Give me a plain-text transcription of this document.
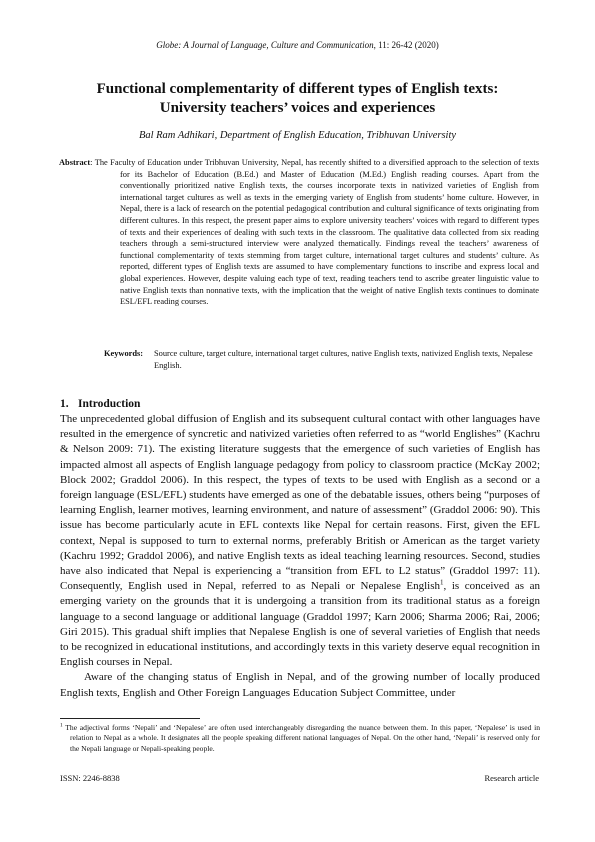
Globe: A Journal of Language, Culture and Communication, 11: 26-42 (2020)
Functional complementarity of different types of English texts:
University teachers’ voices and experiences
Bal Ram Adhikari, Department of English Education, Tribhuvan University
Abstract: The Faculty of Education under Tribhuvan University, Nepal, has recently shifted to a diversified approach to the selection of texts for its Bachelor of Education (B.Ed.) and Master of Education (M.Ed.) English reading courses. Apart from the conventionally prioritized native English texts, the courses incorporate texts in nativized varieties of English from international target cultures as well as texts in the emerging variety of English from students’ home culture. However, in Nepal, there is a lack of research on the potential pedagogical contribution and cultural significance of texts originating from different cultures. In this respect, the present paper aims to explore university teachers’ voices with regard to different types of texts and their experiences of dealing with such texts in the classroom. The qualitative data collected from six reading teachers through a semi-structured interview were analyzed thematically. Findings reveal the teachers’ awareness of functional complementarity of texts stemming from target culture, international target cultures and students’ culture. As reported, different types of English texts are assumed to have complementary functions to inscribe and express local and global experiences. However, despite valuing each type of text, reading teachers tend to ascribe greater linguistic value to native English texts than nonnative texts, with the implication that the weight of native English texts continues to dominate ESL/EFL reading courses.
Keywords: Source culture, target culture, international target cultures, native English texts, nativized English texts, Nepalese English.
1. Introduction

The unprecedented global diffusion of English and its subsequent cultural contact with other languages have resulted in the emergence of syncretic and nativized varieties often referred to as “world Englishes” (Kachru & Nelson 2009: 71). The existing literature suggests that the emergence of such varieties of English has impacted almost all aspects of English language pedagogy from policy to classroom practice (McKay 2002; Block 2002; Graddol 2006). In this respect, the types of texts to be used with English as a second or a foreign language (ESL/EFL) students have emerged as one of the debatable issues, others being “purposes of learning English, learner motives, learning environment, and nature of assessment” (Graddol 2006: 90). This issue has become particularly acute in EFL contexts like Nepal for certain reasons. First, given the EFL context, Nepal is supposed to turn to external norms, preferably British or American as the target variety (Kachru 1992; Graddol 2006), and native English texts as ideal teaching learning resources. Second, studies have also indicated that Nepal is experiencing a “transition from EFL to L2 status” (Graddol 1997: 11). Consequently, English used in Nepal, referred to as Nepali or Nepalese English$^1$, is conceived as an emerging variety on the grounds that it is undergoing a transition from its traditional status as a foreign language to a second language or additional language (Graddol 1997; Karn 2006; Sharma 2006; Rai, 2006; Giri 2015). This gradual shift implies that Nepalese English is one of several varieties of English that needs to be recognized in educational institutions, and accordingly texts in this variety deserve equal recognition in English courses in Nepal.

Aware of the changing status of English in Nepal, and of the growing number of locally produced English texts, English and Other Foreign Languages Education Subject Committee, under

$^1$ The adjectival forms ‘Nepali’ and ‘Nepalese’ are often used interchangeably disregarding the nuance between them. In this paper, ‘Nepalese’ is used in relation to Nepal as a whole. It designates all the people speaking different national languages of Nepal. On the other hand, ‘Nepali’ is reserved only for the Nepali language or Nepali-speaking people.
ISSN: 2246-8838	Research article
